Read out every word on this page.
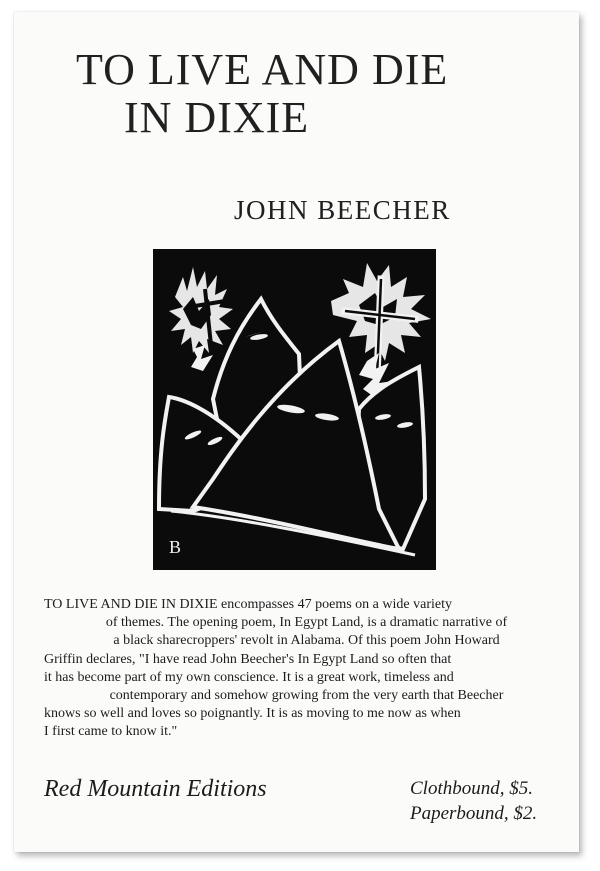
TO LIVE AND DIE
IN DIXIE
JOHN BEECHER
B

TO LIVE AND DIE IN DIXIE encompasses 47 poems on a wide variety

of themes. The opening poem, In Egypt Land, is a dramatic narrative of

a black sharecroppers' revolt in Alabama. Of this poem John Howard

Griffin declares, "I have read John Beecher's In Egypt Land so often that

it has become part of my own conscience. It is a great work, timeless and

contemporary and somehow growing from the very earth that Beecher

knows so well and loves so poignantly. It is as moving to me now as when

I first came to know it."

Red Mountain Editions	Clothbound, $5.
Paperbound, $2.
